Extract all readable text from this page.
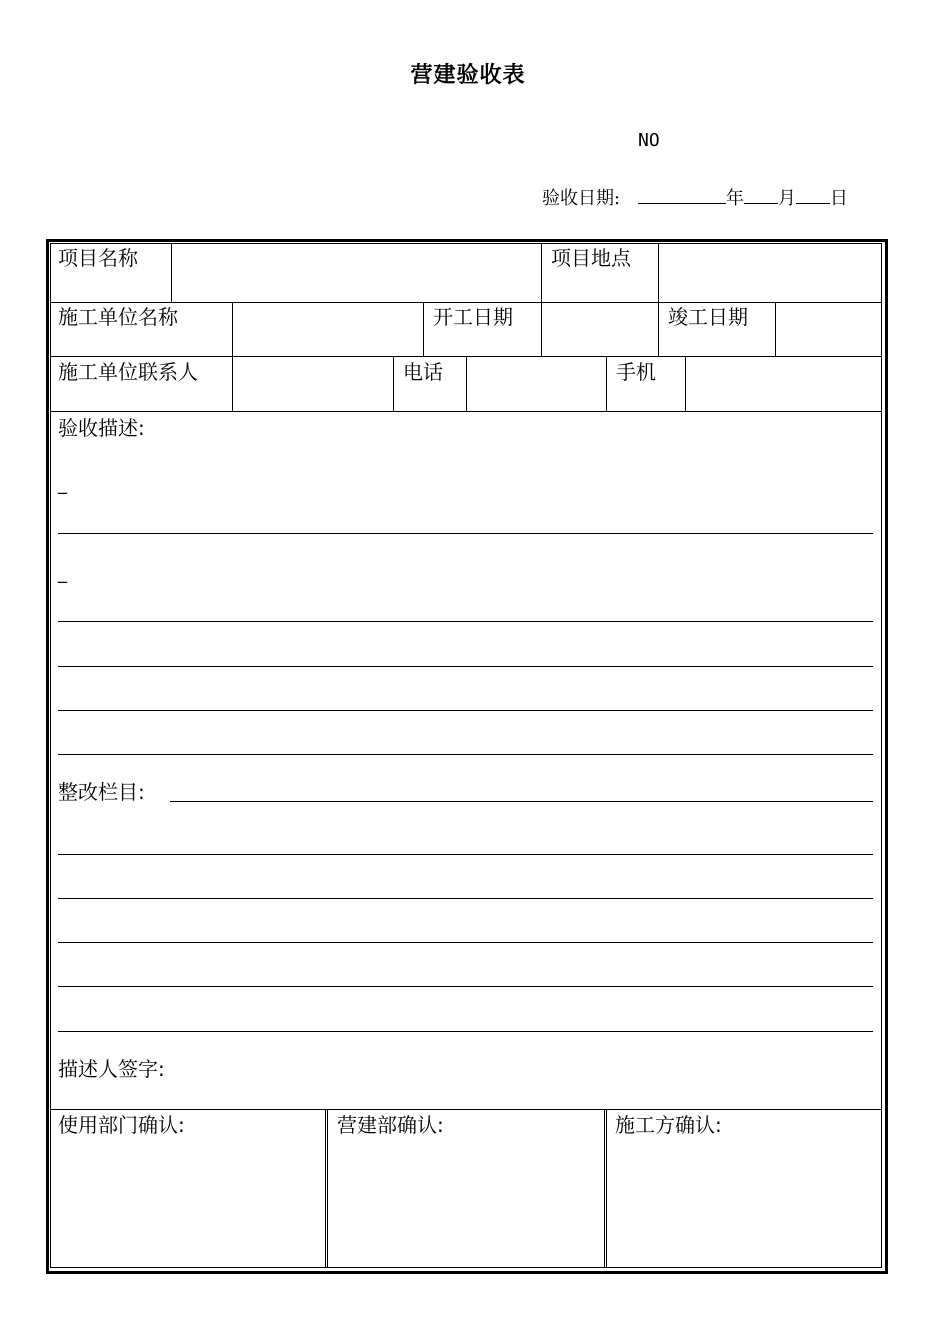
营建验收表
NO
验收日期:	年 月 日
项目名称	项目地点
施工单位名称	开工日期	竣工日期
施工单位联系人	电话	手机
验收描述:
_
_
整改栏目:
描述人签字:
使用部门确认:	营建部确认:	施工方确认:
